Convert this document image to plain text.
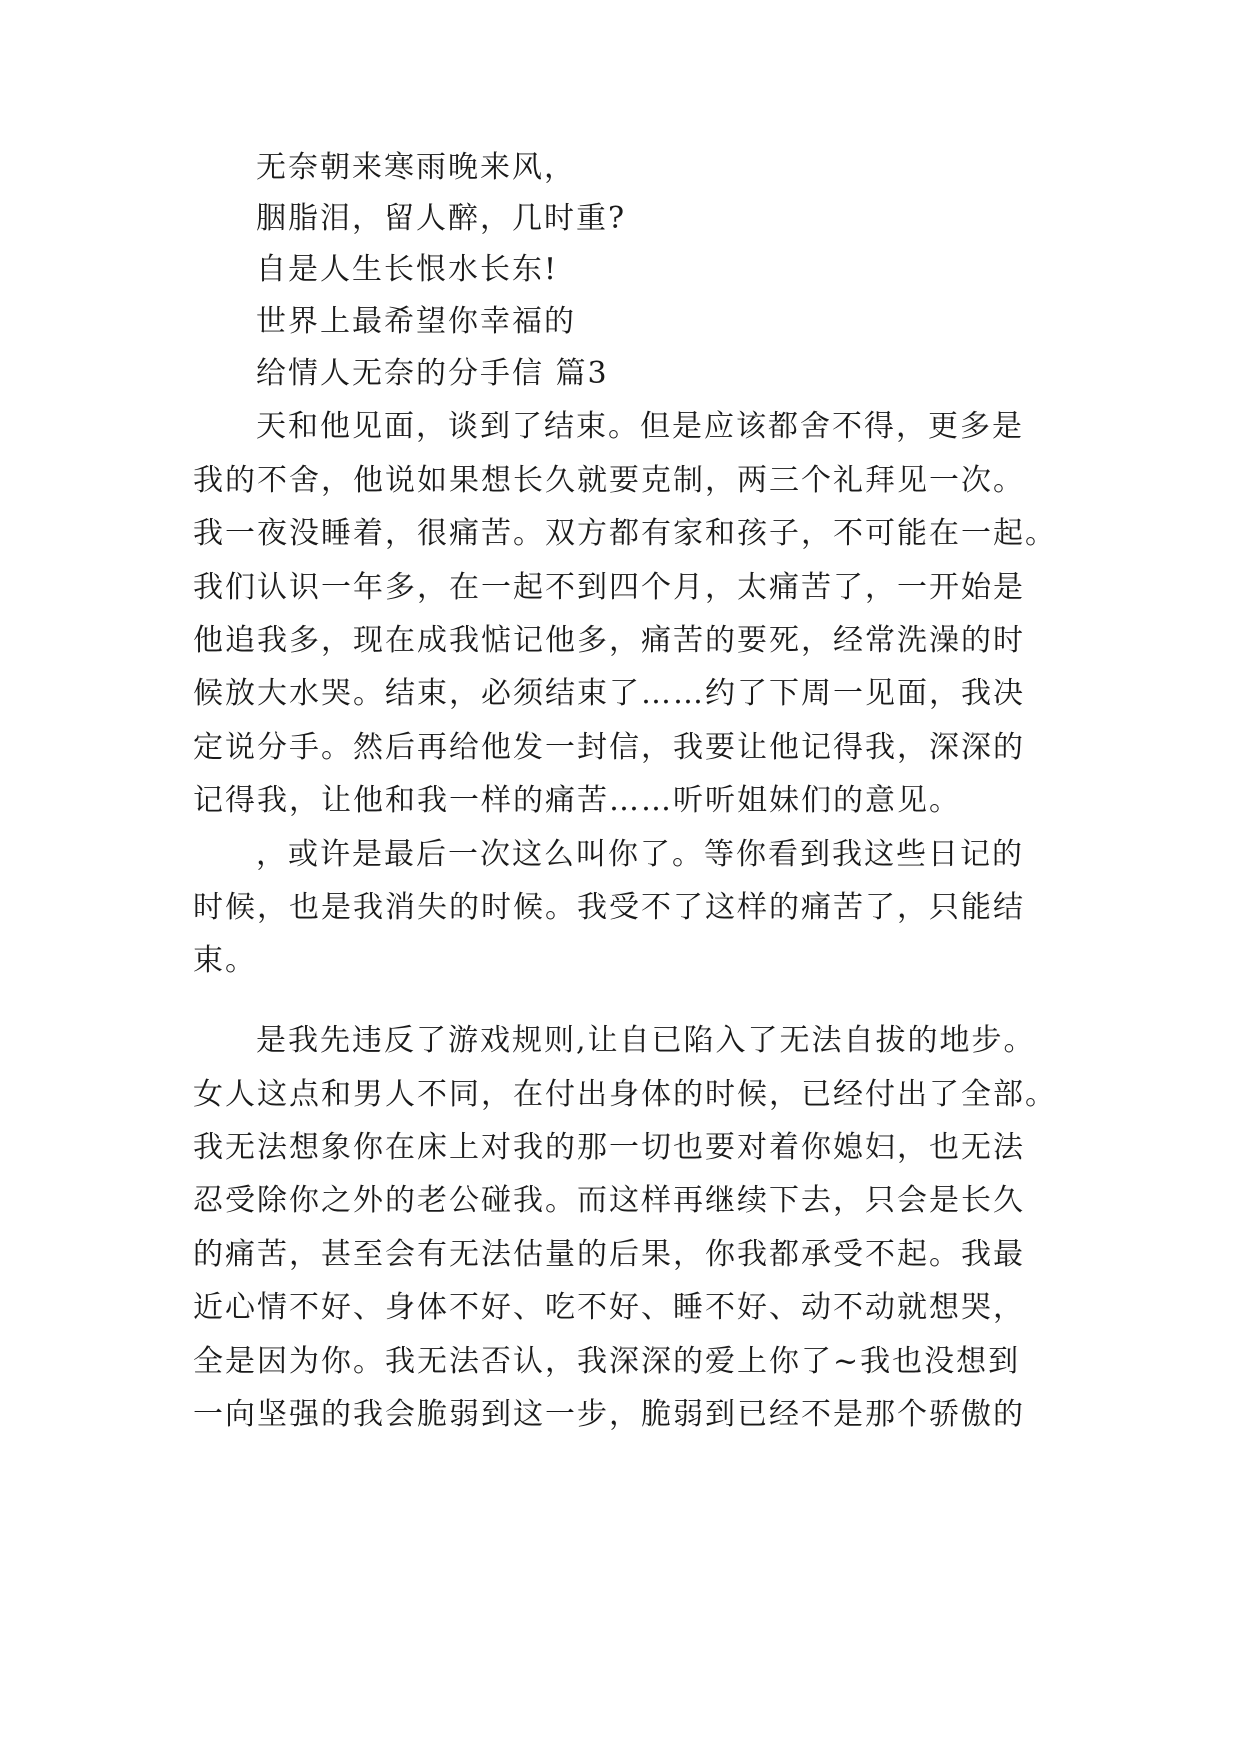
无奈朝来寒雨晚来风，
胭脂泪，留人醉，几时重?
自是人生长恨水长东!
世界上最希望你幸福的
给情人无奈的分手信 篇3
天和他见面，谈到了结束。但是应该都舍不得，更多是
我的不舍，他说如果想长久就要克制，两三个礼拜见一次。
我一夜没睡着，很痛苦。双方都有家和孩子，不可能在一起。
我们认识一年多，在一起不到四个月，太痛苦了，一开始是
他追我多，现在成我惦记他多，痛苦的要死，经常洗澡的时
候放大水哭。结束，必须结束了……约了下周一见面，我决
定说分手。然后再给他发一封信，我要让他记得我，深深的
记得我，让他和我一样的痛苦……听听姐妹们的意见。
，或许是最后一次这么叫你了。等你看到我这些日记的
时候，也是我消失的时候。我受不了这样的痛苦了，只能结
束。
是我先违反了游戏规则,让自已陷入了无法自拔的地步。
女人这点和男人不同，在付出身体的时候，已经付出了全部。
我无法想象你在床上对我的那一切也要对着你媳妇，也无法
忍受除你之外的老公碰我。而这样再继续下去，只会是长久
的痛苦，甚至会有无法估量的后果，你我都承受不起。我最
近心情不好、身体不好、吃不好、睡不好、动不动就想哭，
全是因为你。我无法否认，我深深的爱上你了~我也没想到
一向坚强的我会脆弱到这一步，脆弱到已经不是那个骄傲的
